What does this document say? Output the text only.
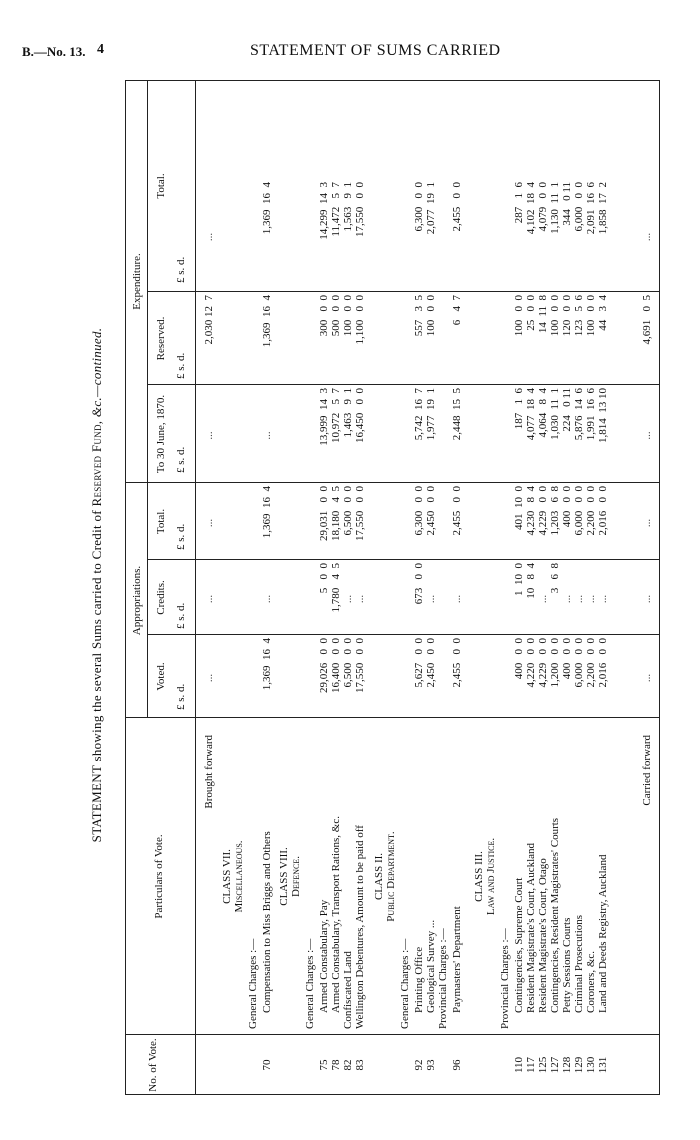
B.—No. 13. 4	STATEMENT OF SUMS CARRIED
STATEMENT showing the several Sums carried to Credit of Reserved Fund, &c.—continued.
No. of Vote.
Particulars of Vote.
Appropriations.
Expenditure.
Voted.
Credits.
Total.
To 30 June, 1870.
Reserved.
Total.
£ s. d.
£ s. d.
£ s. d.
£ s. d.
£ s. d.
£ s. d.
Brought forward
...
...
...
...
2,030 12  7
...
CLASS VII. Miscellaneous.
General Charges :—
70
Compensation to Miss Briggs and Others
1,369  16  4
...
1,369  16  4
...
1,369  16  4
1,369  16  4
CLASS VIII. Defence.
General Charges :—
75
Armed Constabulary, Pay
29,026   0  0
5   0  0
29,031   0  0
13,999  14  3
300   0  0
14,299  14  3
78
Armed Constabulary, Transport Rations, &c.
16,400   0  0
1,780   4  5
18,180   4  5
10,972   5  7
500   0  0
11,472   5  7
82
Confiscated Land
6,500   0  0
...
6,500   0  0
1,463   9  1
100   0  0
1,563   9  1
83
Wellington Debentures, Amount to be paid off
17,550   0  0
...
17,550   0  0
16,450   0  0
1,100   0  0
17,550   0  0
CLASS II. Public Department.
General Charges :—
92
Printing Office
5,627   0  0
673   0  0
6,300   0  0
5,742  16  7
557   3  5
6,300   0  0
93
Geological Survey ...
2,450   0  0
...
2,450   0  0
1,977  19  1
100   0  0
2,077  19  1
Provincial Charges :—
96
Paymasters' Department
2,455   0  0
...
2,455   0  0
2,448  15  5
6   4  7
2,455   0  0
CLASS III. Law and Justice.
Provincial Charges :—
110
Contingencies, Supreme Court
400   0  0
1  10  0
401  10  0
187   1  6
100   0  0
287   1  6
117
Resident Magistrate's Court, Auckland
4,220   0  0
10   8  4
4,230   8  4
4,077  18  4
25   0  0
4,102  18  4
125
Resident Magistrate's Court, Otago
4,229   0  0
...
4,229   0  0
4,064   8  4
14  11  8
4,079   0  0
127
Contingencies, Resident Magistrates' Courts
1,200   0  0
3   6  8
1,203   6  8
1,030  11  1
100   0  0
1,130  11  1
128
Petty Sessions Courts
400   0  0
...
400   0  0
224   0 11
120   0  0
344   0 11
129
Criminal Prosecutions
6,000   0  0
...
6,000   0  0
5,876  14  6
123   5  6
6,000   0  0
130
Coroners, &c.
2,200   0  0
...
2,200   0  0
1,991  16  6
100   0  0
2,091  16  6
131
Land and Deeds Registry, Auckland
2,016   0  0
...
2,016   0  0
1,814  13 10
44   3  4
1,858  17  2
Carried forward
...
...
...
...
4,691   0  5
...
